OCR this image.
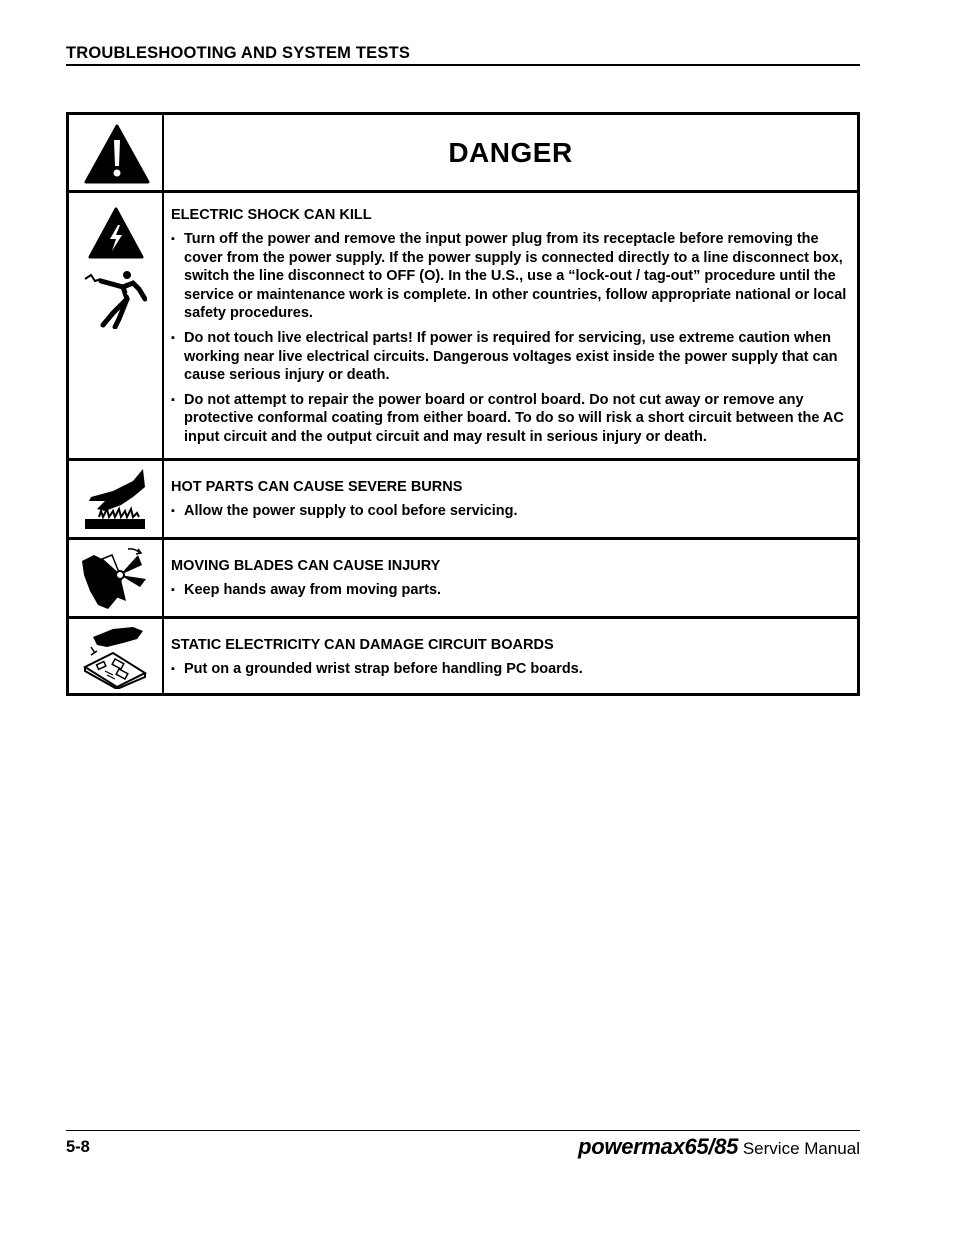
TROUBLESHOOTING AND SYSTEM TESTS
DANGER
ELECTRIC SHOCK CAN KILL
▪ Turn off the power and remove the input power plug from its receptacle before removing the cover from the power supply. If the power supply is connected directly to a line disconnect box, switch the line disconnect to OFF (O). In the U.S., use a “lock-out / tag-out” procedure until the service or maintenance work is complete. In other countries, follow appropriate national or local safety procedures.
▪ Do not touch live electrical parts! If power is required for servicing, use extreme caution when working near live electrical circuits. Dangerous voltages exist inside the power supply that can cause serious injury or death.
▪ Do not attempt to repair the power board or control board. Do not cut away or remove any protective conformal coating from either board. To do so will risk a short circuit between the AC input circuit and the output circuit and may result in serious injury or death.
HOT PARTS CAN CAUSE SEVERE BURNS
▪ Allow the power supply to cool before servicing.
MOVING BLADES CAN CAUSE INJURY
▪ Keep hands away from moving parts.
STATIC ELECTRICITY CAN DAMAGE CIRCUIT BOARDS
▪ Put on a grounded wrist strap before handling PC boards.
5-8	powermax65/85 Service Manual
